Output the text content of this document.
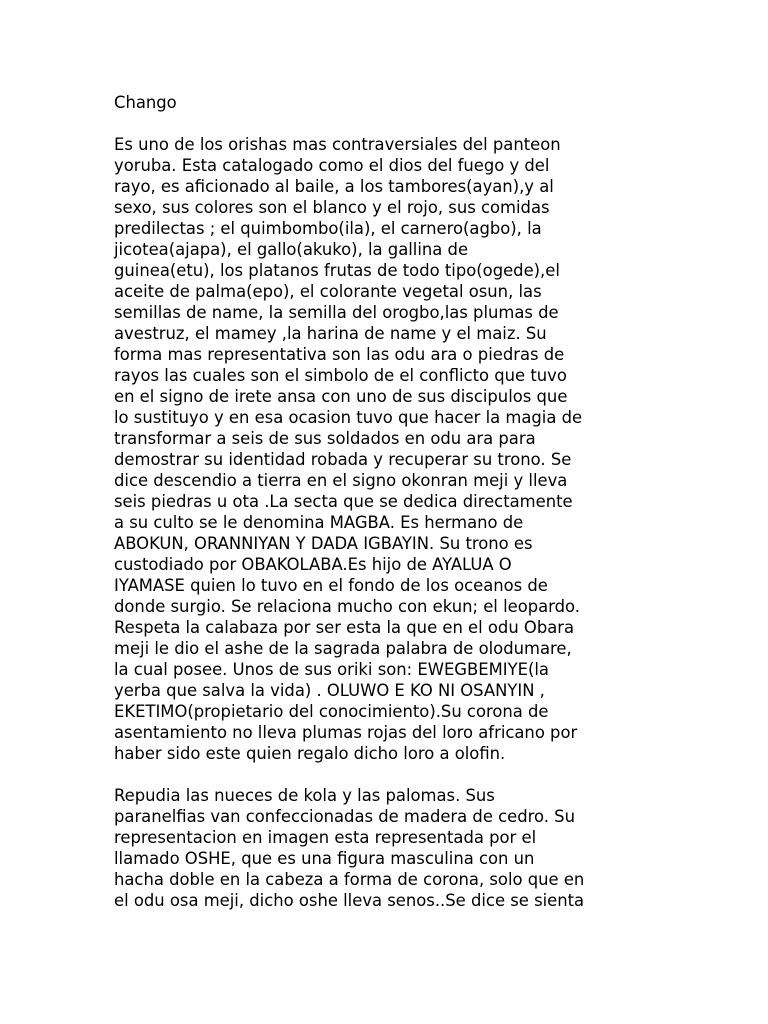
Chango
Es uno de los orishas mas contraversiales del panteon
yoruba. Esta catalogado como el dios del fuego y del
rayo, es aficionado al baile, a los tambores(ayan),y al
sexo, sus colores son el blanco y el rojo, sus comidas
predilectas ; el quimbombo(ila), el carnero(agbo), la
jicotea(ajapa), el gallo(akuko), la gallina de
guinea(etu), los platanos frutas de todo tipo(ogede),el
aceite de palma(epo), el colorante vegetal osun, las
semillas de name, la semilla del orogbo,las plumas de
avestruz, el mamey ,la harina de name y el maiz. Su
forma mas representativa son las odu ara o piedras de
rayos las cuales son el simbolo de el conflicto que tuvo
en el signo de irete ansa con uno de sus discipulos que
lo sustituyo y en esa ocasion tuvo que hacer la magia de
transformar a seis de sus soldados en odu ara para
demostrar su identidad robada y recuperar su trono. Se
dice descendio a tierra en el signo okonran meji y lleva
seis piedras u ota .La secta que se dedica directamente
a su culto se le denomina MAGBA. Es hermano de
ABOKUN, ORANNIYAN Y DADA IGBAYIN. Su trono es
custodiado por OBAKOLABA.Es hijo de AYALUA O
IYAMASE quien lo tuvo en el fondo de los oceanos de
donde surgio. Se relaciona mucho con ekun; el leopardo.
Respeta la calabaza por ser esta la que en el odu Obara
meji le dio el ashe de la sagrada palabra de olodumare,
la cual posee. Unos de sus oriki son: EWEGBEMIYE(la
yerba que salva la vida) . OLUWO E KO NI OSANYIN ,
EKETIMO(propietario del conocimiento).Su corona de
asentamiento no lleva plumas rojas del loro africano por
haber sido este quien regalo dicho loro a olofin.
Repudia las nueces de kola y las palomas. Sus
paranelfias van confeccionadas de madera de cedro. Su
representacion en imagen esta representada por el
llamado OSHE, que es una figura masculina con un
hacha doble en la cabeza a forma de corona, solo que en
el odu osa meji, dicho oshe lleva senos..Se dice se sienta
